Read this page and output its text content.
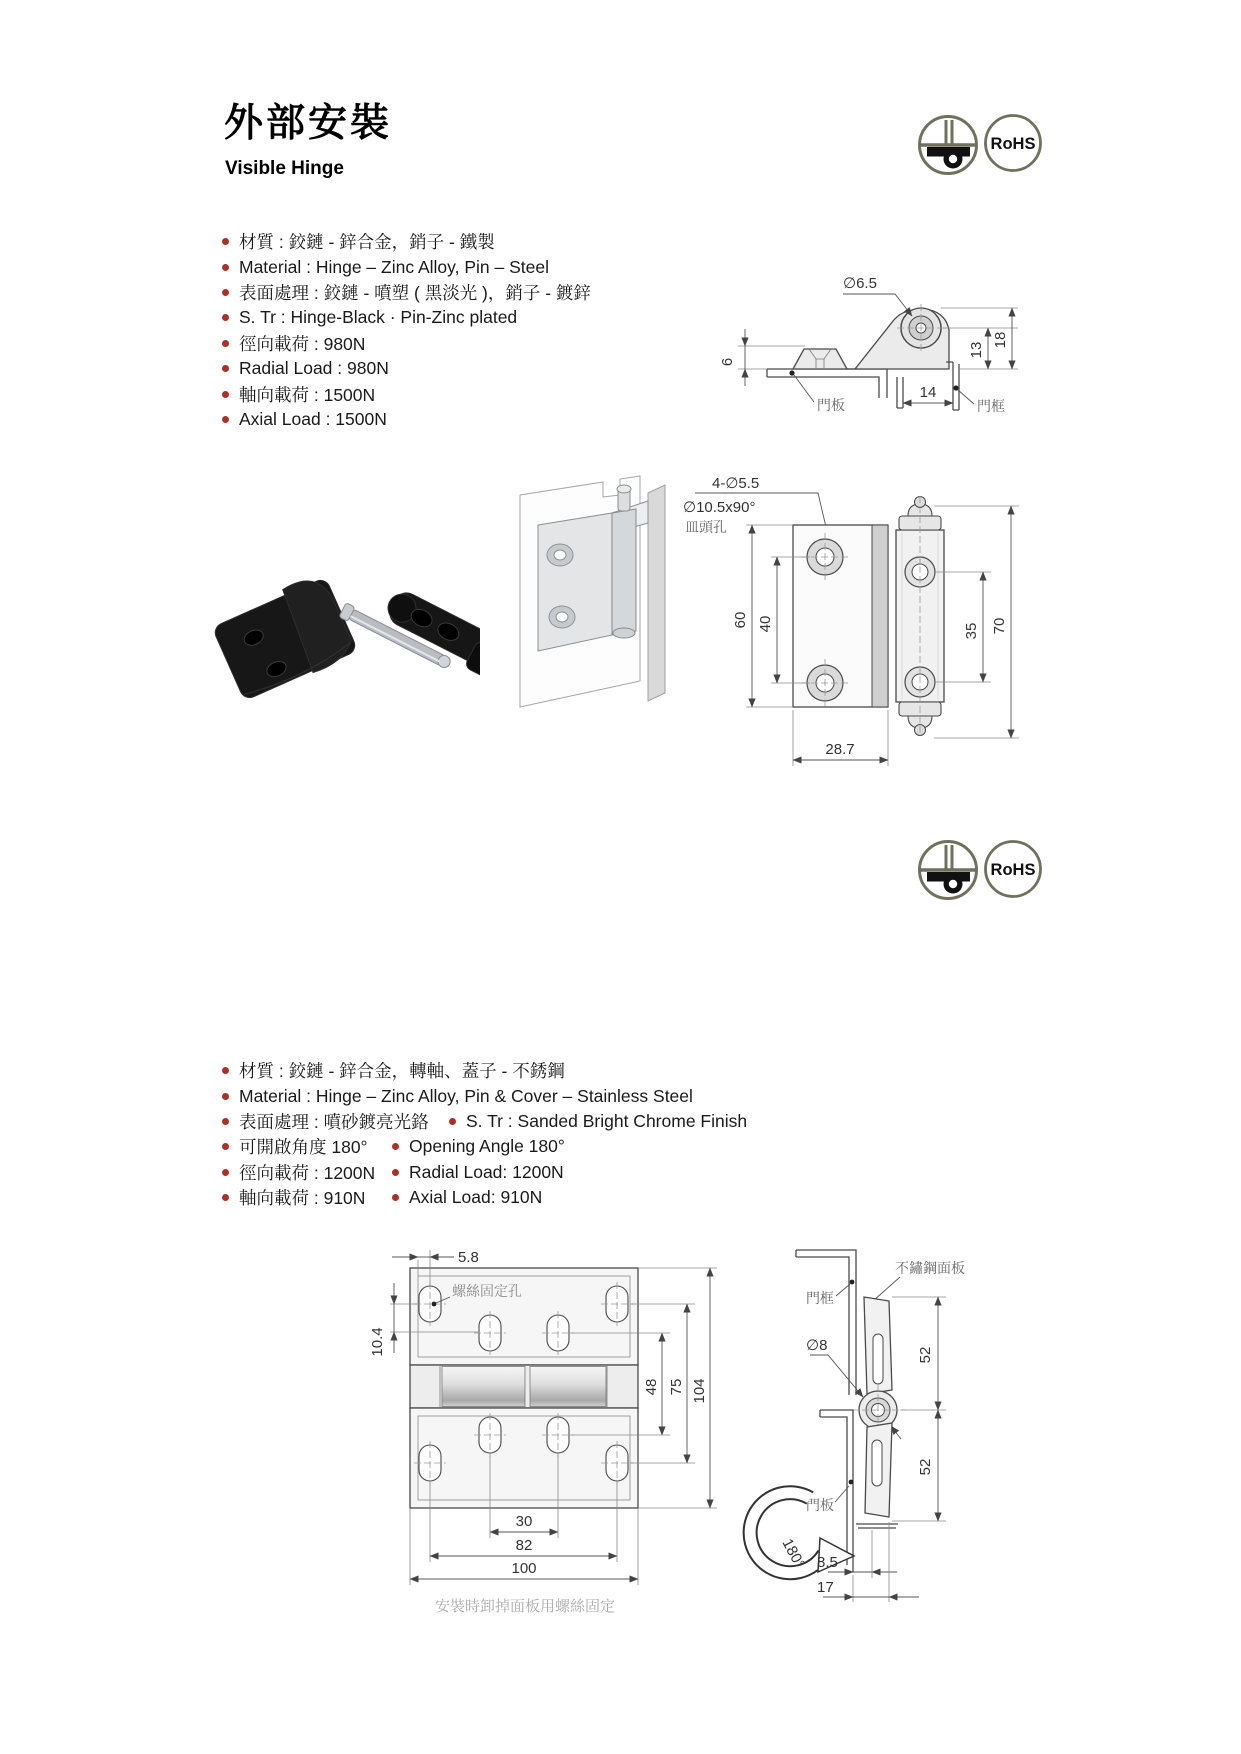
外部安裝
Visible Hinge
RoHS
材質 : 鉸鏈 - 鋅合金，銷子 - 鐵製
Material : Hinge – Zinc Alloy, Pin – Steel
表面處理 : 鉸鏈 - 噴塑 ( 黑淡光 )，銷子 - 鍍鋅
S. Tr : Hinge-Black · Pin-Zinc plated
徑向載荷 : 980N
Radial Load : 980N
軸向載荷 : 1500N
Axial Load : 1500N
∅6.5
6
13
18
14
門板	門框
4-∅5.5
∅10.5x90°
皿頭孔
60 40	35 70
28.7
RoHS
材質 : 鉸鏈 - 鋅合金，轉軸、蓋子 - 不銹鋼
Material : Hinge – Zinc Alloy, Pin & Cover – Stainless Steel
表面處理 : 噴砂鍍亮光鉻	S. Tr : Sanded Bright Chrome Finish
可開啟角度 180°	Opening Angle 180°
徑向載荷 : 1200N	Radial Load: 1200N
軸向載荷 : 910N	Axial Load: 910N
5.8
10.4
螺絲固定孔
48 75 104
30
82
100
安裝時卸掉面板用螺絲固定
門框
不鏽鋼面板
∅8
門板
52
52
180° 8.5
17
